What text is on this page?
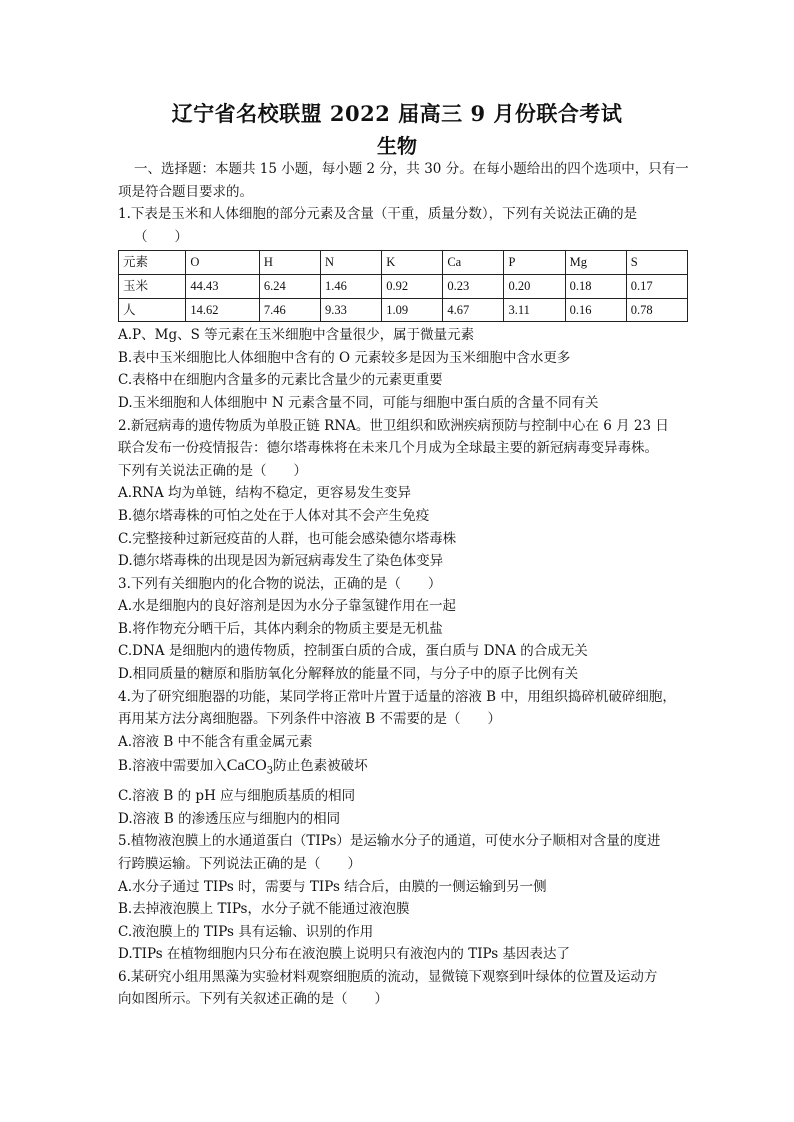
辽宁省名校联盟 2022 届高三 9 月份联合考试
生物

一、选择题：本题共 15 小题，每小题 2 分，共 30 分。在每小题给出的四个选项中，只有一

项是符合题目要求的。

1.下表是玉米和人体细胞的部分元素及含量（干重，质量分数），下列有关说法正确的是

（　　）

元素	O	H	N	K	Ca	P	Mg	S
玉米	44.43	6.24	1.46	0.92	0.23	0.20	0.18	0.17
人	14.62	7.46	9.33	1.09	4.67	3.11	0.16	0.78

A.P、Mg、S 等元素在玉米细胞中含量很少，属于微量元素

B.表中玉米细胞比人体细胞中含有的 O 元素较多是因为玉米细胞中含水更多

C.表格中在细胞内含量多的元素比含量少的元素更重要

D.玉米细胞和人体细胞中 N 元素含量不同，可能与细胞中蛋白质的含量不同有关

2.新冠病毒的遗传物质为单股正链 RNA。世卫组织和欧洲疾病预防与控制中心在 6 月 23 日

联合发布一份疫情报告：德尔塔毒株将在未来几个月成为全球最主要的新冠病毒变异毒株。

下列有关说法正确的是（　　）

A.RNA 均为单链，结构不稳定，更容易发生变异

B.德尔塔毒株的可怕之处在于人体对其不会产生免疫

C.完整接种过新冠疫苗的人群，也可能会感染德尔塔毒株

D.德尔塔毒株的出现是因为新冠病毒发生了染色体变异

3.下列有关细胞内的化合物的说法，正确的是（　　）

A.水是细胞内的良好溶剂是因为水分子靠氢键作用在一起

B.将作物充分晒干后，其体内剩余的物质主要是无机盐

C.DNA 是细胞内的遗传物质，控制蛋白质的合成，蛋白质与 DNA 的合成无关

D.相同质量的糖原和脂肪氧化分解释放的能量不同，与分子中的原子比例有关

4.为了研究细胞器的功能，某同学将正常叶片置于适量的溶液 B 中，用组织捣碎机破碎细胞，

再用某方法分离细胞器。下列条件中溶液 B 不需要的是（　　）

A.溶液 B 中不能含有重金属元素

B.溶液中需要加入CaCO$_3$防止色素被破坏

C.溶液 B 的 pH 应与细胞质基质的相同

D.溶液 B 的渗透压应与细胞内的相同

5.植物液泡膜上的水通道蛋白（TIPs）是运输水分子的通道，可使水分子顺相对含量的度进

行跨膜运输。下列说法正确的是（　　）

A.水分子通过 TIPs 时，需要与 TIPs 结合后，由膜的一侧运输到另一侧

B.去掉液泡膜上 TIPs，水分子就不能通过液泡膜

C.液泡膜上的 TIPs 具有运输、识别的作用

D.TIPs 在植物细胞内只分布在液泡膜上说明只有液泡内的 TIPs 基因表达了

6.某研究小组用黑藻为实验材料观察细胞质的流动，显微镜下观察到叶绿体的位置及运动方

向如图所示。下列有关叙述正确的是（　　）
